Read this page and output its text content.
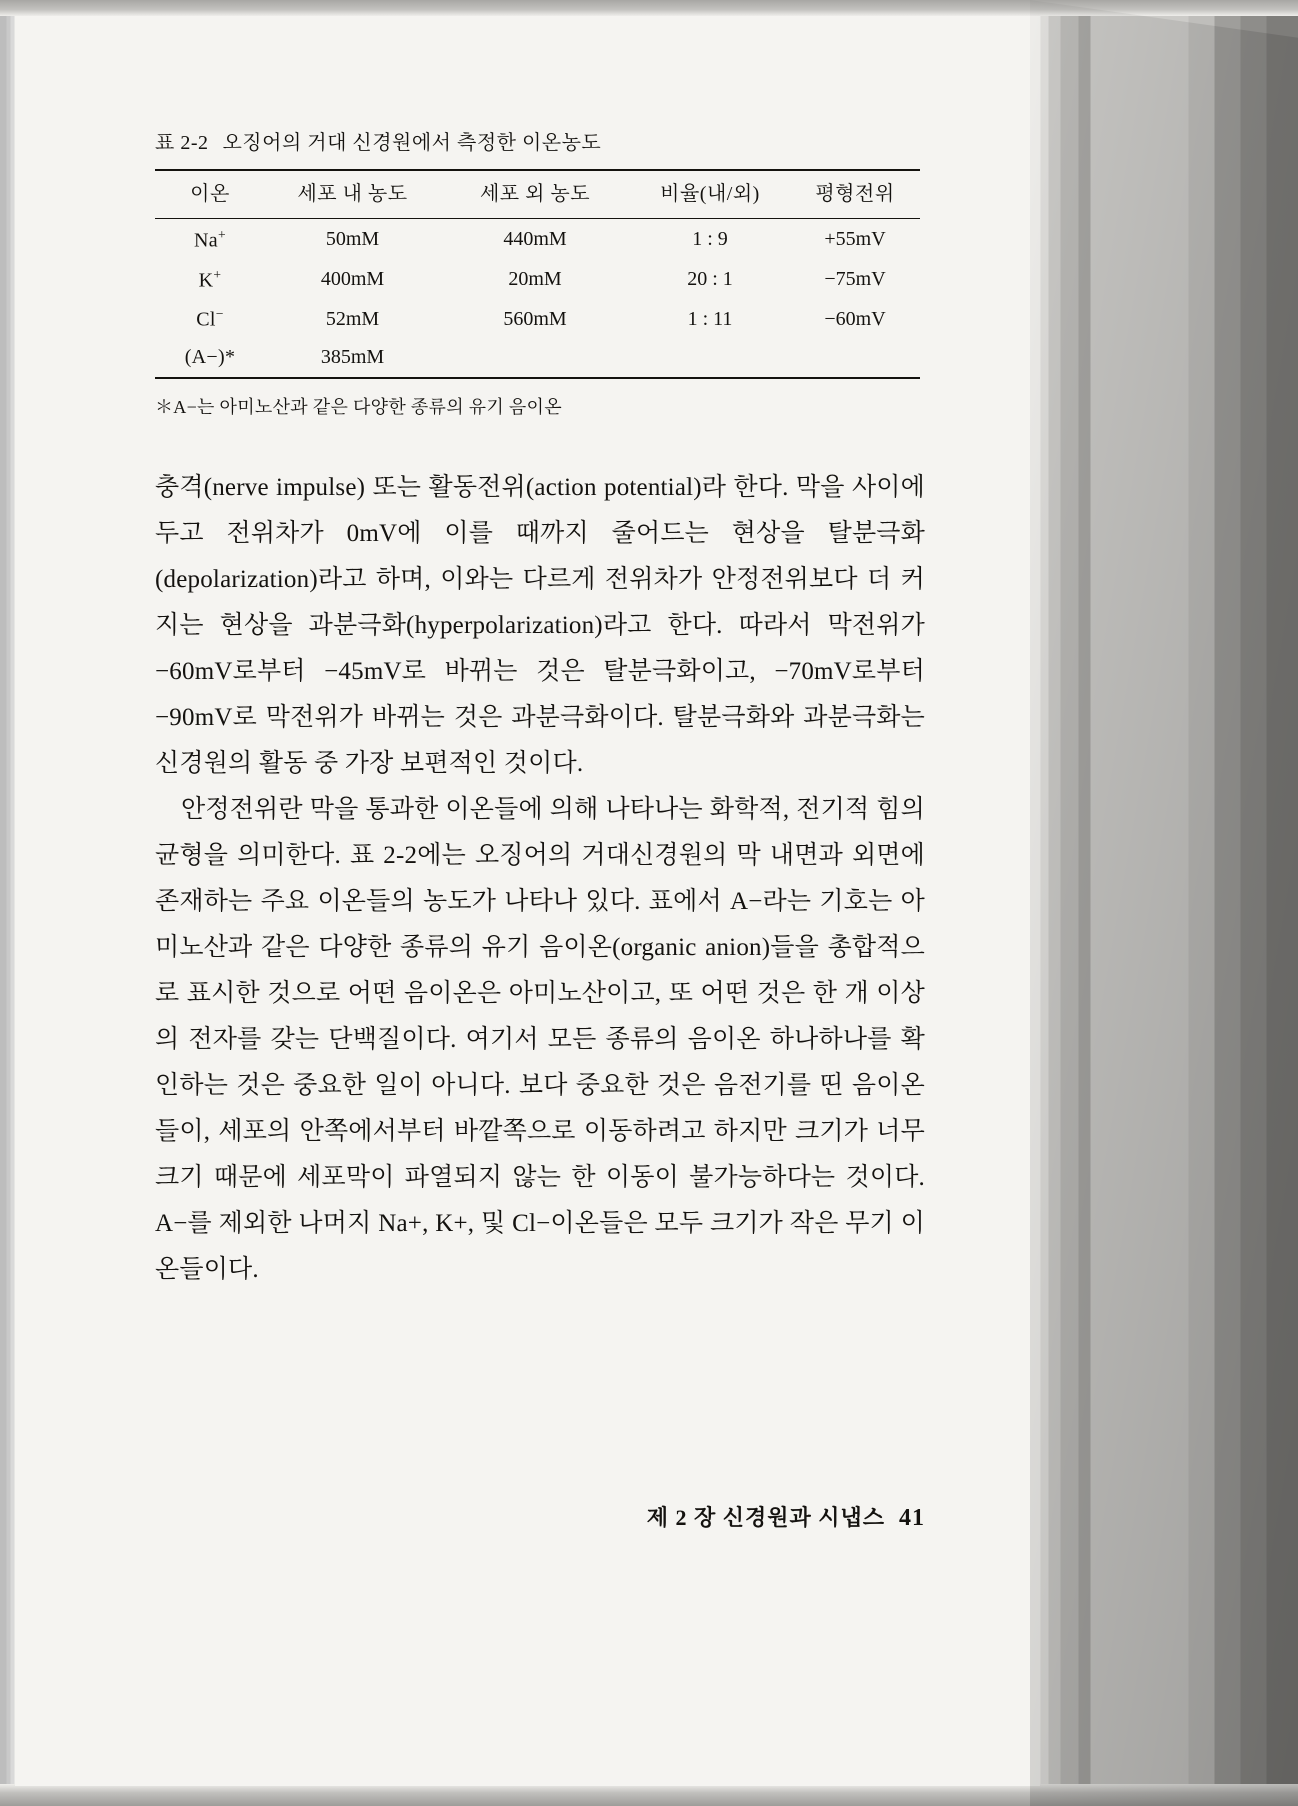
표 2-2 오징어의 거대 신경원에서 측정한 이온농도
이온	세포 내 농도	세포 외 농도	비율(내/외)	평형전위
Na+	50mM	440mM	1 : 9	+55mV
K+	400mM	20mM	20 : 1	−75mV
Cl−	52mM	560mM	1 : 11	−60mV
(A−)*	385mM			
＊A−는 아미노산과 같은 다양한 종류의 유기 음이온

충격(nerve impulse) 또는 활동전위(action potential)라 한다. 막을 사이에 두고 전위차가 0mV에 이를 때까지 줄어드는 현상을 탈분극화(depolarization)라고 하며, 이와는 다르게 전위차가 안정전위보다 더 커지는 현상을 과분극화(hyperpolarization)라고 한다. 따라서 막전위가 −60mV로부터 −45mV로 바뀌는 것은 탈분극화이고, −70mV로부터 −90mV로 막전위가 바뀌는 것은 과분극화이다. 탈분극화와 과분극화는 신경원의 활동 중 가장 보편적인 것이다.

안정전위란 막을 통과한 이온들에 의해 나타나는 화학적, 전기적 힘의 균형을 의미한다. 표 2-2에는 오징어의 거대신경원의 막 내면과 외면에 존재하는 주요 이온들의 농도가 나타나 있다. 표에서 A−라는 기호는 아미노산과 같은 다양한 종류의 유기 음이온(organic anion)들을 총합적으로 표시한 것으로 어떤 음이온은 아미노산이고, 또 어떤 것은 한 개 이상의 전자를 갖는 단백질이다. 여기서 모든 종류의 음이온 하나하나를 확인하는 것은 중요한 일이 아니다. 보다 중요한 것은 음전기를 띤 음이온들이, 세포의 안쪽에서부터 바깥쪽으로 이동하려고 하지만 크기가 너무 크기 때문에 세포막이 파열되지 않는 한 이동이 불가능하다는 것이다. A−를 제외한 나머지 Na+, K+, 및 Cl−이온들은 모두 크기가 작은 무기 이온들이다.

제 2 장 신경원과 시냅스 41
